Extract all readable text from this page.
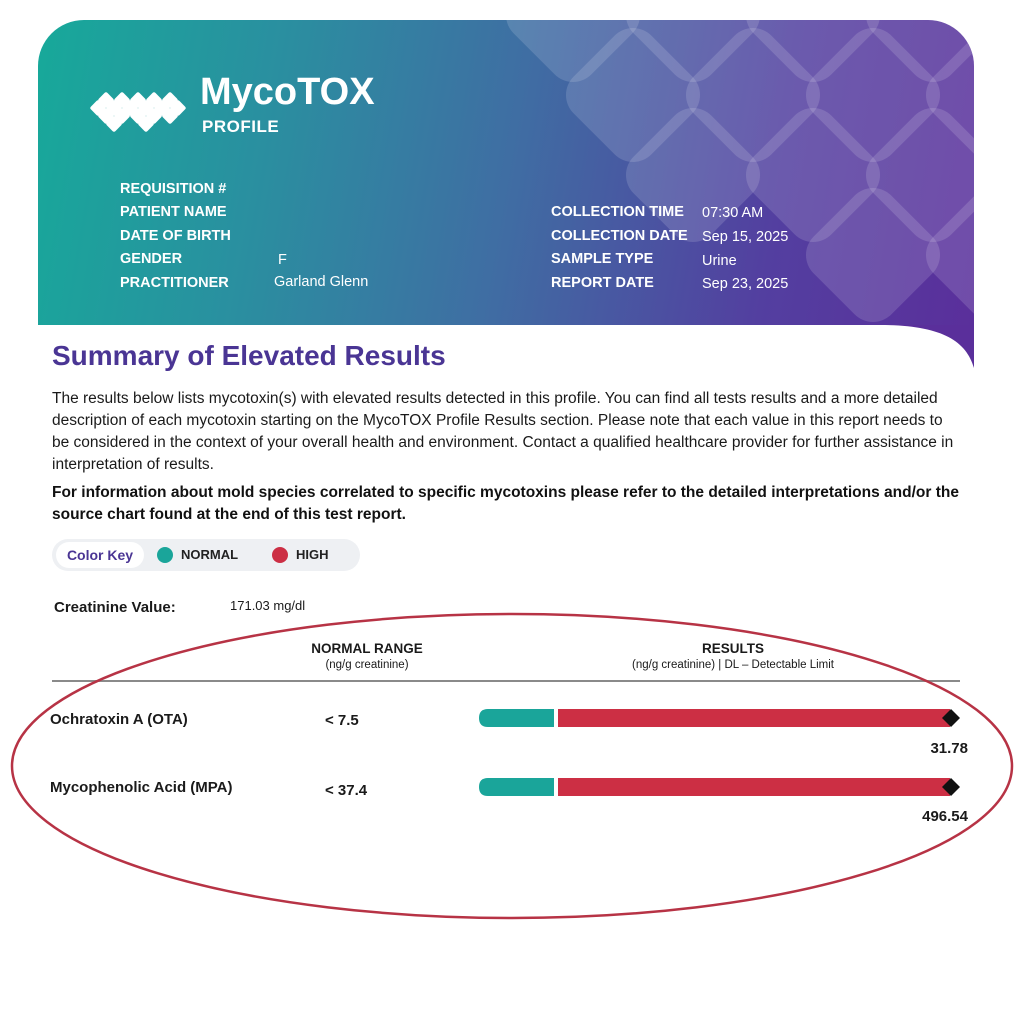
MycoTOX
PROFILE
REQUISITION #
PATIENT NAME
DATE OF BIRTH
GENDER	F
PRACTITIONER	Garland Glenn
COLLECTION TIME 07:30 AM
COLLECTION DATE Sep 15, 2025
SAMPLE TYPE	Urine
REPORT DATE	Sep 23, 2025
Summary of Elevated Results
The results below lists mycotoxin(s) with elevated results detected in this profile. You can find all tests results and a more detailed description of each mycotoxin starting on the MycoTOX Profile Results section. Please note that each value in this report needs to be considered in the context of your overall health and environment. Contact a qualified healthcare provider for further assistance in interpretation of results.
For information about mold species correlated to specific mycotoxins please refer to the detailed interpretations and/or the source chart found at the end of this test report.
Color Key	NORMAL	HIGH
Creatinine Value:	171.03 mg/dl
NORMAL RANGE
(ng/g creatinine)
RESULTS
(ng/g creatinine) | DL – Detectable Limit
Ochratoxin A (OTA)	< 7.5
31.78
Mycophenolic Acid (MPA)	< 37.4
496.54
